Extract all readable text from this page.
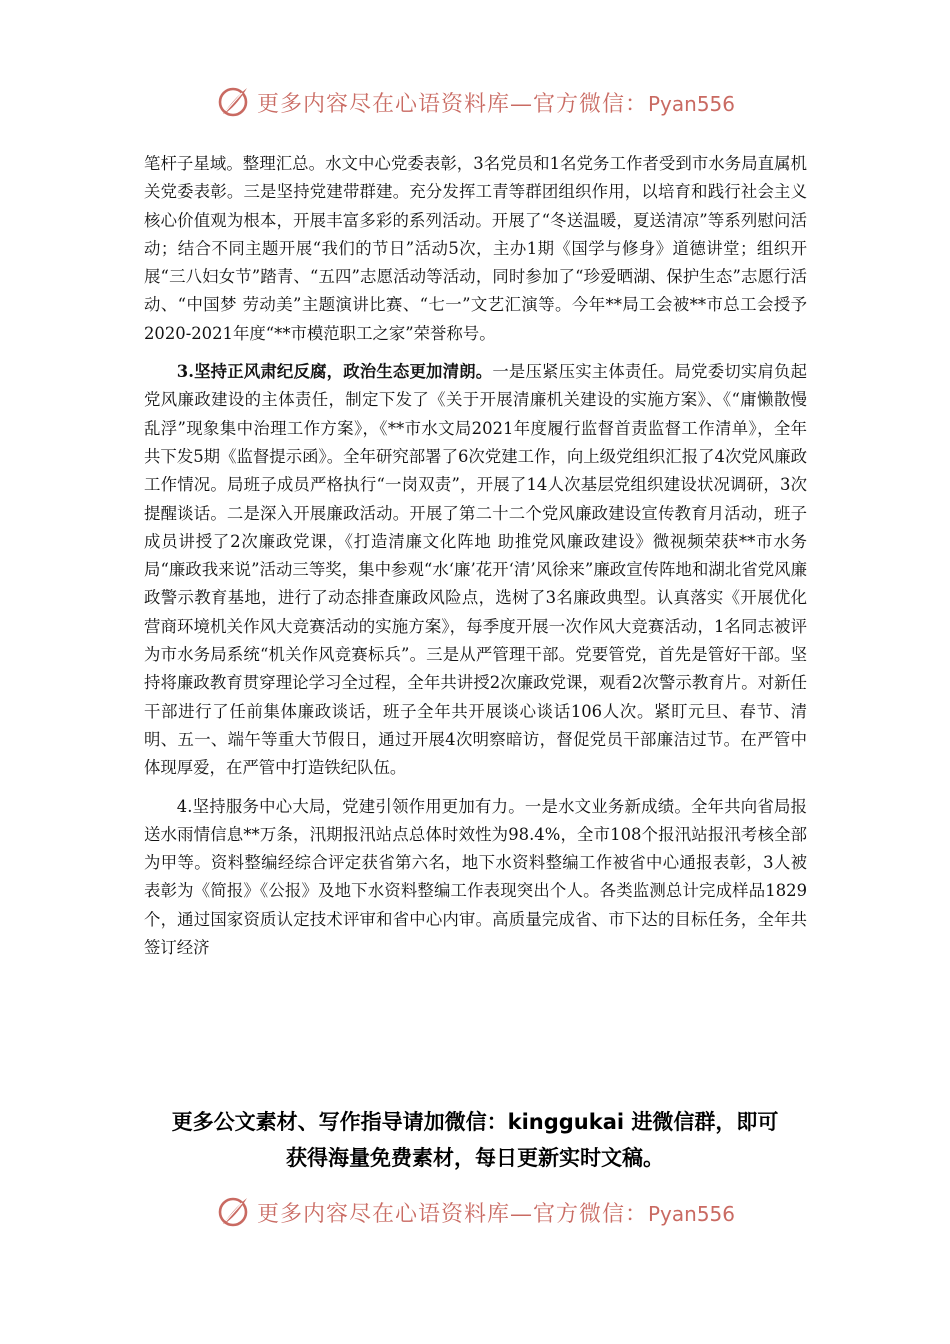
更多内容尽在心语资料库—官方微信：Pyan556

笔杆子星域。整理汇总。水文中心党委表彰，3名党员和1名党务工作者受到市水务局直属机关党委表彰。三是坚持党建带群建。充分发挥工青等群团组织作用，以培育和践行社会主义核心价值观为根本，开展丰富多彩的系列活动。开展了“冬送温暖，夏送清凉”等系列慰问活动；结合不同主题开展“我们的节日”活动5次，主办1期《国学与修身》道德讲堂；组织开展“三八妇女节”踏青、“五四”志愿活动等活动，同时参加了“珍爱晒湖、保护生态”志愿行活动、“中国梦 劳动美”主题演讲比赛、“七一”文艺汇演等。今年**局工会被**市总工会授予2020-2021年度“**市模范职工之家”荣誉称号。

3.坚持正风肃纪反腐，政治生态更加清朗。一是压紧压实主体责任。局党委切实肩负起党风廉政建设的主体责任，制定下发了《关于开展清廉机关建设的实施方案》、《“庸懒散慢乱浮”现象集中治理工作方案》，《**市水文局2021年度履行监督首责监督工作清单》，全年共下发5期《监督提示函》。全年研究部署了6次党建工作，向上级党组织汇报了4次党风廉政工作情况。局班子成员严格执行“一岗双责”，开展了14人次基层党组织建设状况调研，3次提醒谈话。二是深入开展廉政活动。开展了第二十二个党风廉政建设宣传教育月活动，班子成员讲授了2次廉政党课，《打造清廉文化阵地 助推党风廉政建设》微视频荣获**市水务局“廉政我来说”活动三等奖，集中参观“水‘廉’花开‘清’风徐来”廉政宣传阵地和湖北省党风廉政警示教育基地，进行了动态排查廉政风险点，选树了3名廉政典型。认真落实《开展优化营商环境机关作风大竞赛活动的实施方案》，每季度开展一次作风大竞赛活动，1名同志被评为市水务局系统“机关作风竞赛标兵”。三是从严管理干部。党要管党，首先是管好干部。坚持将廉政教育贯穿理论学习全过程，全年共讲授2次廉政党课，观看2次警示教育片。对新任干部进行了任前集体廉政谈话，班子全年共开展谈心谈话106人次。紧盯元旦、春节、清明、五一、端午等重大节假日，通过开展4次明察暗访，督促党员干部廉洁过节。在严管中体现厚爱，在严管中打造铁纪队伍。

4.坚持服务中心大局，党建引领作用更加有力。一是水文业务新成绩。全年共向省局报送水雨情信息**万条，汛期报汛站点总体时效性为98.4%，全市108个报汛站报汛考核全部为甲等。资料整编经综合评定获省第六名，地下水资料整编工作被省中心通报表彰，3人被表彰为《简报》《公报》及地下水资料整编工作表现突出个人。各类监测总计完成样品1829个，通过国家资质认定技术评审和省中心内审。高质量完成省、市下达的目标任务，全年共签订经济

更多公文素材、写作指导请加微信：kinggukai 进微信群，即可
获得海量免费素材，每日更新实时文稿。
更多内容尽在心语资料库—官方微信：Pyan556
